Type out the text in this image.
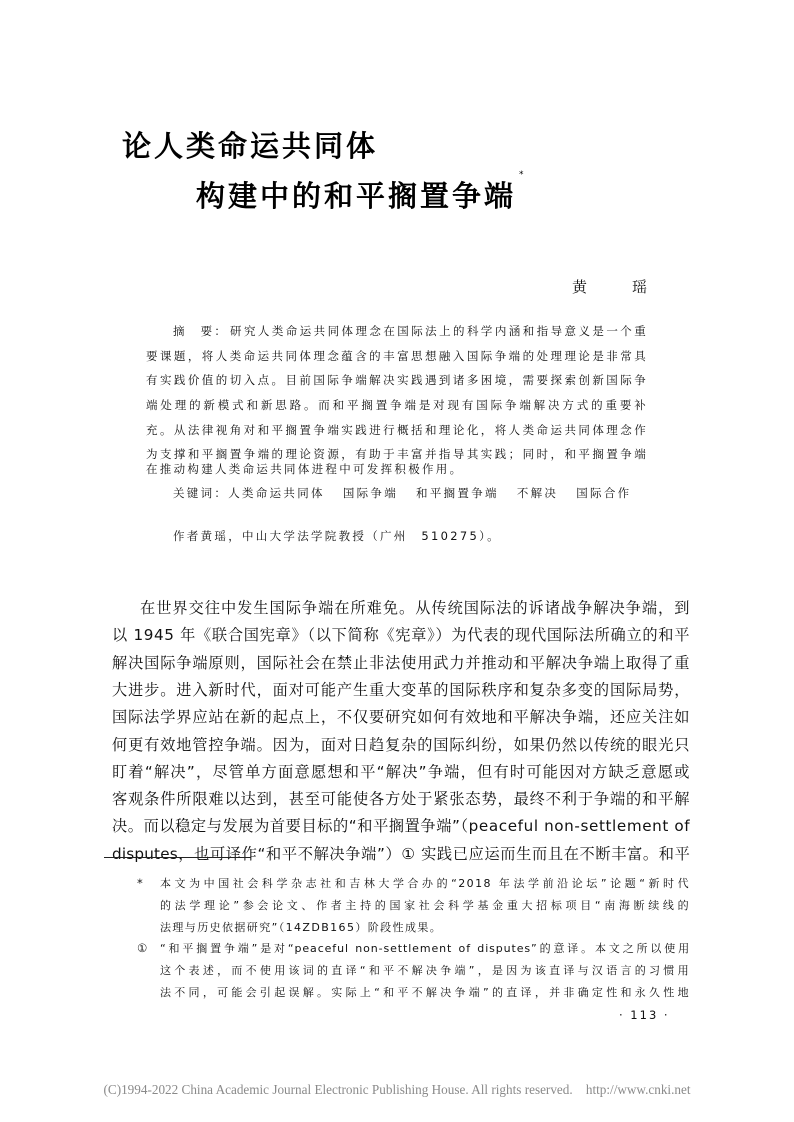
论人类命运共同体
构建中的和平搁置争端*
黄	瑶
摘　要： 研究人类命运共同体理念在国际法上的科学内涵和指导意义是一个重
要课题，将人类命运共同体理念蕴含的丰富思想融入国际争端的处理理论是非常具
有实践价值的切入点。目前国际争端解决实践遇到诸多困境，需要探索创新国际争
端处理的新模式和新思路。而和平搁置争端是对现有国际争端解决方式的重要补
充。从法律视角对和平搁置争端实践进行概括和理论化，将人类命运共同体理念作
为支撑和平搁置争端的理论资源，有助于丰富并指导其实践；同时，和平搁置争端
在推动构建人类命运共同体进程中可发挥积极作用。
关键词：人类命运共同体 国际争端 和平搁置争端 不解决 国际合作
作者黄瑶，中山大学法学院教授（广州　510275）。
在世界交往中发生国际争端在所难免。从传统国际法的诉诸战争解决争端，到
以 1945 年《联合国宪章》（以下简称《宪章》）为代表的现代国际法所确立的和平
解决国际争端原则，国际社会在禁止非法使用武力并推动和平解决争端上取得了重
大进步。进入新时代，面对可能产生重大变革的国际秩序和复杂多变的国际局势，
国际法学界应站在新的起点上，不仅要研究如何有效地和平解决争端，还应关注如
何更有效地管控争端。因为，面对日趋复杂的国际纠纷，如果仍然以传统的眼光只
盯着“解决”，尽管单方面意愿想和平“解决”争端，但有时可能因对方缺乏意愿或
客观条件所限难以达到，甚至可能使各方处于紧张态势，最终不利于争端的和平解
决。而以稳定与发展为首要目标的“和平搁置争端”（peaceful non-settlement of
disputes，也可译作“和平不解决争端”）① 实践已应运而生而且在不断丰富。和平
* 本文为中国社会科学杂志社和吉林大学合办的“2018 年法学前沿论坛”论题“新时代
的法学理论”参会论文、作者主持的国家社会科学基金重大招标项目“南海断续线的
法理与历史依据研究”（14ZDB165）阶段性成果。
① “和平搁置争端”是对“peaceful non-settlement of disputes”的意译。本文之所以使用
这个表述，而不使用该词的直译“和平不解决争端”，是因为该直译与汉语言的习惯用
法不同，可能会引起误解。实际上“和平不解决争端”的直译，并非确定性和永久性地
· 113 ·
(C)1994-2022 China Academic Journal Electronic Publishing House. All rights reserved.    http://www.cnki.net
